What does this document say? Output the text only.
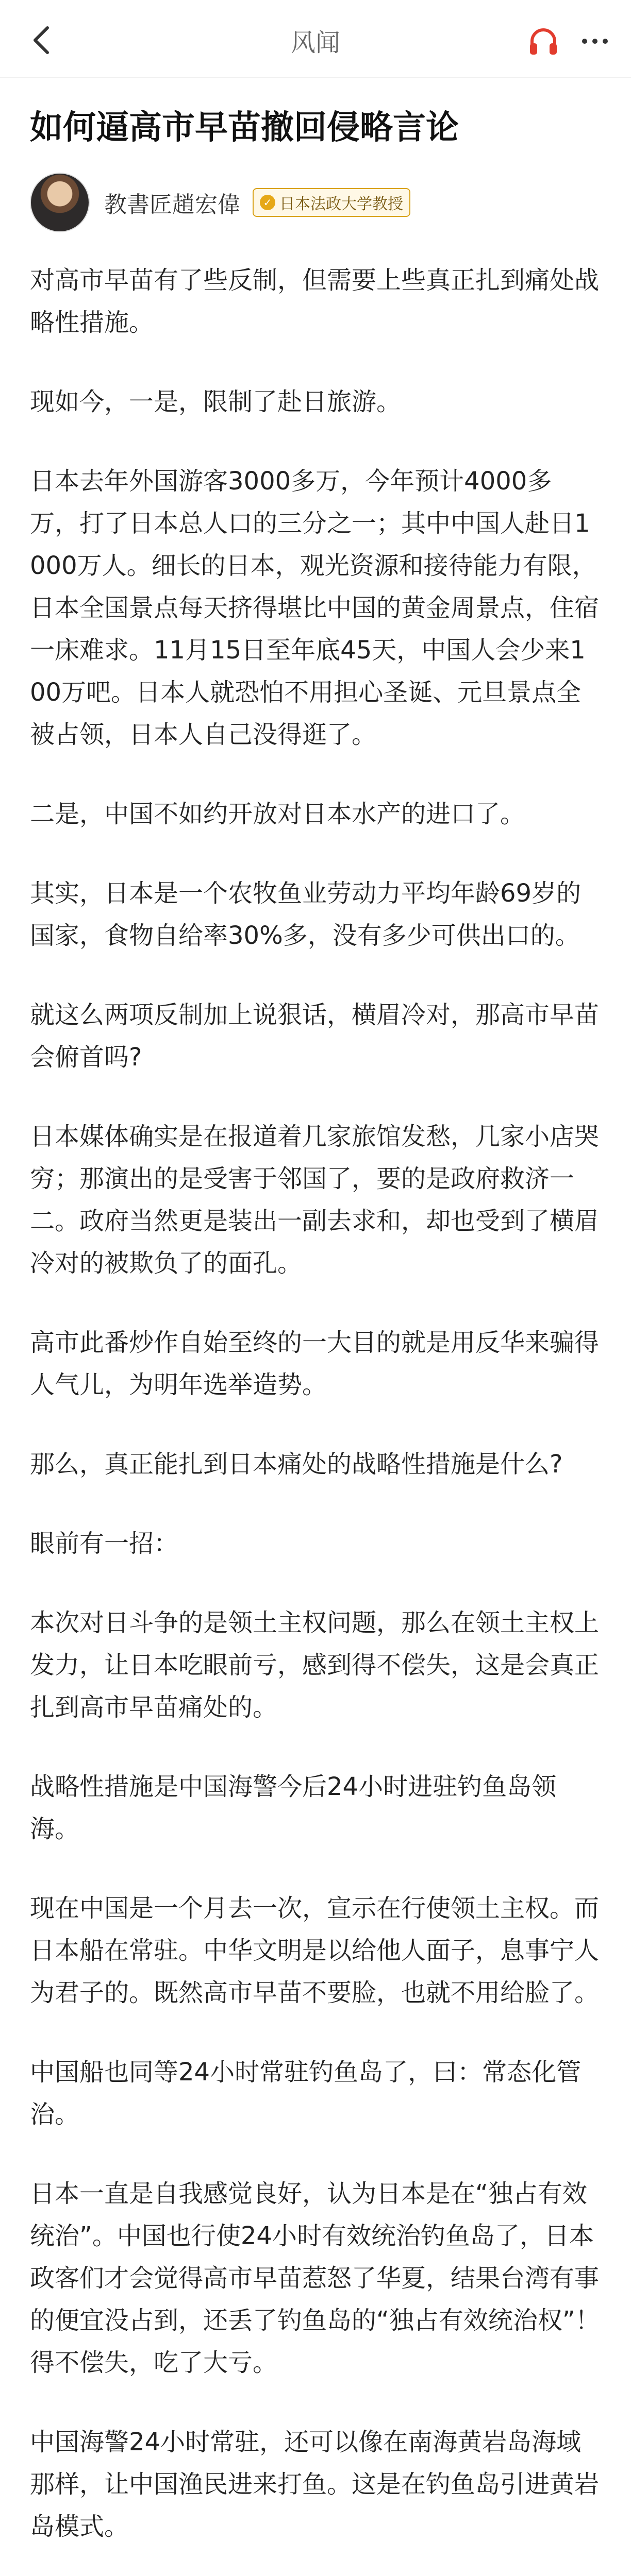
风闻
如何逼高市早苗撤回侵略言论
教書匠趙宏偉	✓ 日本法政大学教授

对高市早苗有了些反制，但需要上些真正扎到痛处战略性措施。

现如今，一是，限制了赴日旅游。

日本去年外国游客3000多万，今年预计4000多万，打了日本总人口的三分之一；其中中国人赴日1000万人。细长的日本，观光资源和接待能力有限，日本全国景点每天挤得堪比中国的黄金周景点，住宿一床难求。11月15日至年底45天，中国人会少来100万吧。日本人就恐怕不用担心圣诞、元旦景点全被占领，日本人自己没得逛了。

二是，中国不如约开放对日本水产的进口了。

其实，日本是一个农牧鱼业劳动力平均年龄69岁的国家，食物自给率30%多，没有多少可供出口的。

就这么两项反制加上说狠话，横眉冷对，那高市早苗会俯首吗?

日本媒体确实是在报道着几家旅馆发愁，几家小店哭穷；那演出的是受害于邻国了，要的是政府救济一二。政府当然更是装出一副去求和，却也受到了横眉冷对的被欺负了的面孔。

高市此番炒作自始至终的一大目的就是用反华来骗得人气儿，为明年选举造势。

那么，真正能扎到日本痛处的战略性措施是什么?

眼前有一招：

本次对日斗争的是领土主权问题，那么在领土主权上发力，让日本吃眼前亏，感到得不偿失，这是会真正扎到高市早苗痛处的。

战略性措施是中国海警今后24小时进驻钓鱼岛领海。

现在中国是一个月去一次，宣示在行使领土主权。而日本船在常驻。中华文明是以给他人面子，息事宁人为君子的。既然高市早苗不要脸，也就不用给脸了。

中国船也同等24小时常驻钓鱼岛了，曰：常态化管治。

日本一直是自我感觉良好，认为日本是在“独占有效统治”。中国也行使24小时有效统治钓鱼岛了，日本政客们才会觉得高市早苗惹怒了华夏，结果台湾有事的便宜没占到，还丢了钓鱼岛的“独占有效统治权”！得不偿失，吃了大亏。

中国海警24小时常驻，还可以像在南海黄岩岛海域那样，让中国渔民进来打鱼。这是在钓鱼岛引进黄岩岛模式。
